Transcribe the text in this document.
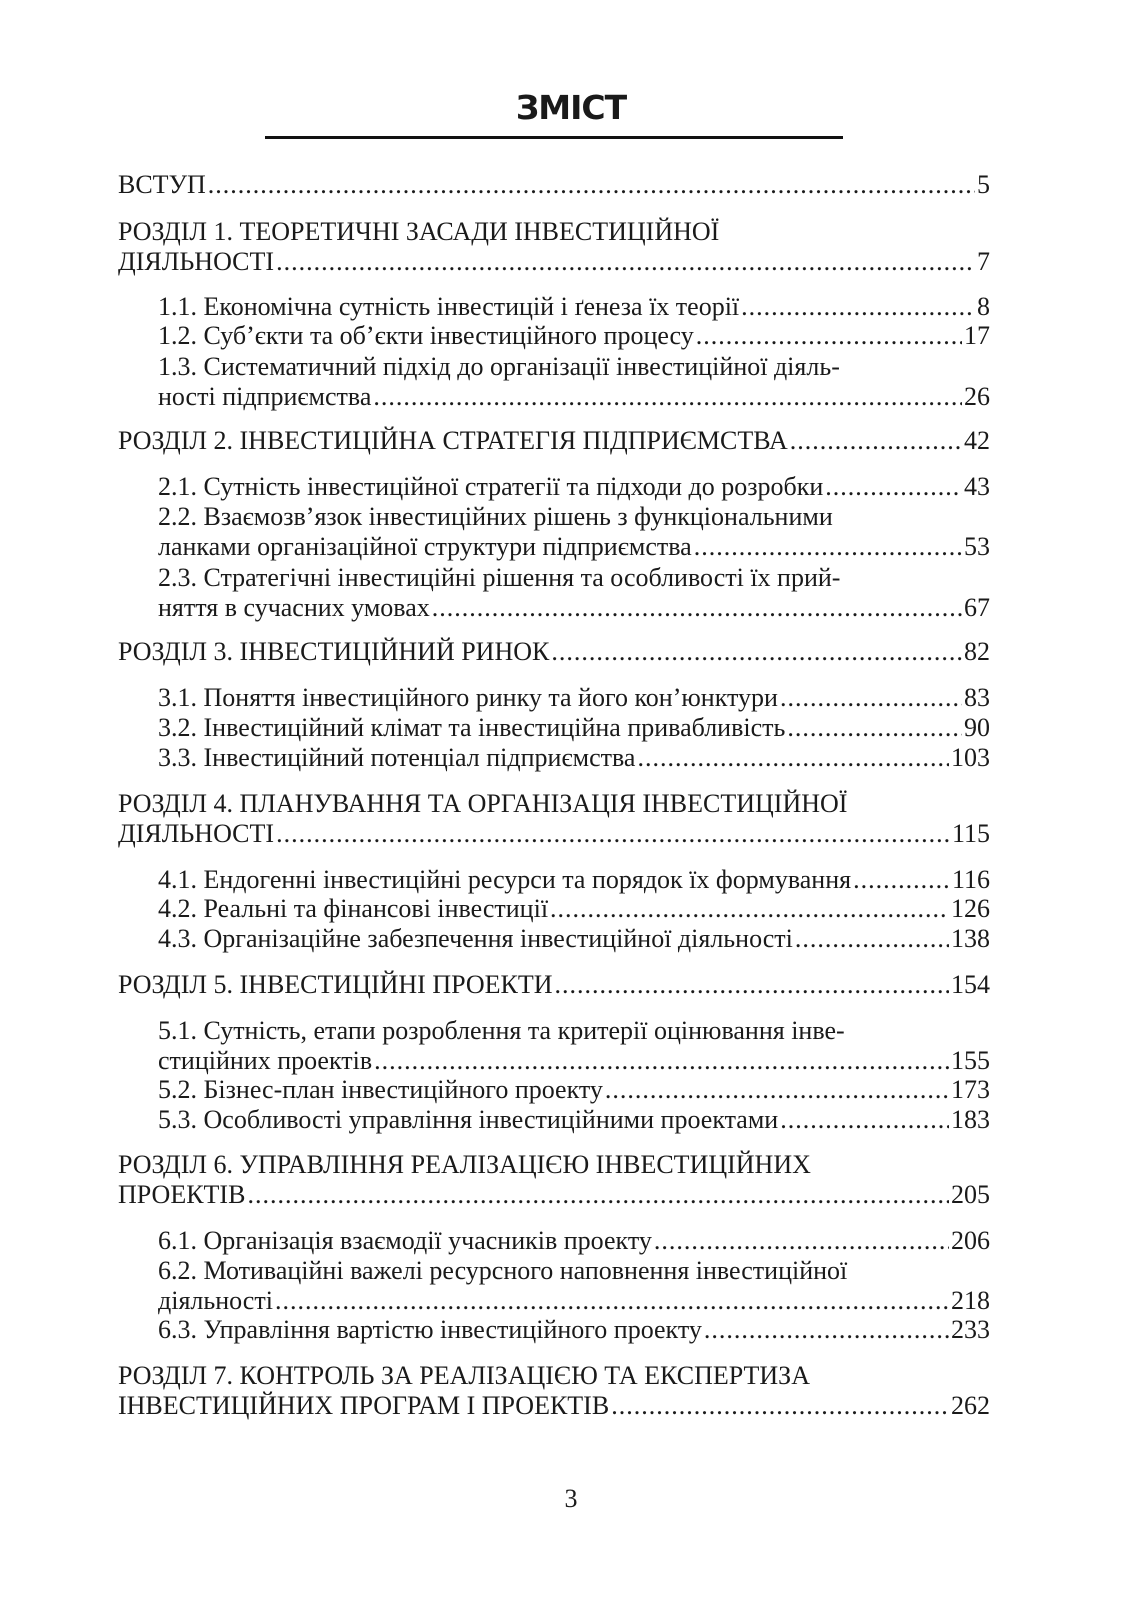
ЗМІСТ
ВСТУП .....	5
РОЗДІЛ 1. ТЕОРЕТИЧНІ ЗАСАДИ ІНВЕСТИЦІЙНОЇ
ДІЯЛЬНОСТІ .....	7
1.1. Економічна сутність інвестицій і ґенеза їх теорії .....	8
1.2. Суб’єкти та об’єкти інвестиційного процесу .....	17
1.3. Систематичний підхід до організації інвестиційної діяль-
ності підприємства .....	26
РОЗДІЛ 2. ІНВЕСТИЦІЙНА СТРАТЕГІЯ ПІДПРИЄМСТВА .....	42
2.1. Сутність інвестиційної стратегії та підходи до розробки .....	43
2.2. Взаємозв’язок інвестиційних рішень з функціональними
ланками організаційної структури підприємства .....	53
2.3. Стратегічні інвестиційні рішення та особливості їх прий-
няття в сучасних умовах .....	67
РОЗДІЛ 3. ІНВЕСТИЦІЙНИЙ РИНОК .....	82
3.1. Поняття інвестиційного ринку та його кон’юнктури .....	83
3.2. Інвестиційний клімат та інвестиційна привабливість .....	90
3.3. Інвестиційний потенціал підприємства .....	103
РОЗДІЛ 4. ПЛАНУВАННЯ ТА ОРГАНІЗАЦІЯ ІНВЕСТИЦІЙНОЇ
ДІЯЛЬНОСТІ .....	115
4.1. Ендогенні інвестиційні ресурси та порядок їх формування .....	116
4.2. Реальні та фінансові інвестиції .....	126
4.3. Організаційне забезпечення інвестиційної діяльності .....	138
РОЗДІЛ 5. ІНВЕСТИЦІЙНІ ПРОЕКТИ .....	154
5.1. Сутність, етапи розроблення та критерії оцінювання інве-
стиційних проектів .....	155
5.2. Бізнес-план інвестиційного проекту .....	173
5.3. Особливості управління інвестиційними проектами .....	183
РОЗДІЛ 6. УПРАВЛІННЯ РЕАЛІЗАЦІЄЮ ІНВЕСТИЦІЙНИХ
ПРОЕКТІВ .....	205
6.1. Організація взаємодії учасників проекту .....	206
6.2. Мотиваційні важелі ресурсного наповнення інвестиційної
діяльності .....	218
6.3. Управління вартістю інвестиційного проекту .....	233
РОЗДІЛ 7. КОНТРОЛЬ ЗА РЕАЛІЗАЦІЄЮ ТА ЕКСПЕРТИЗА
ІНВЕСТИЦІЙНИХ ПРОГРАМ І ПРОЕКТІВ .....	262
3
